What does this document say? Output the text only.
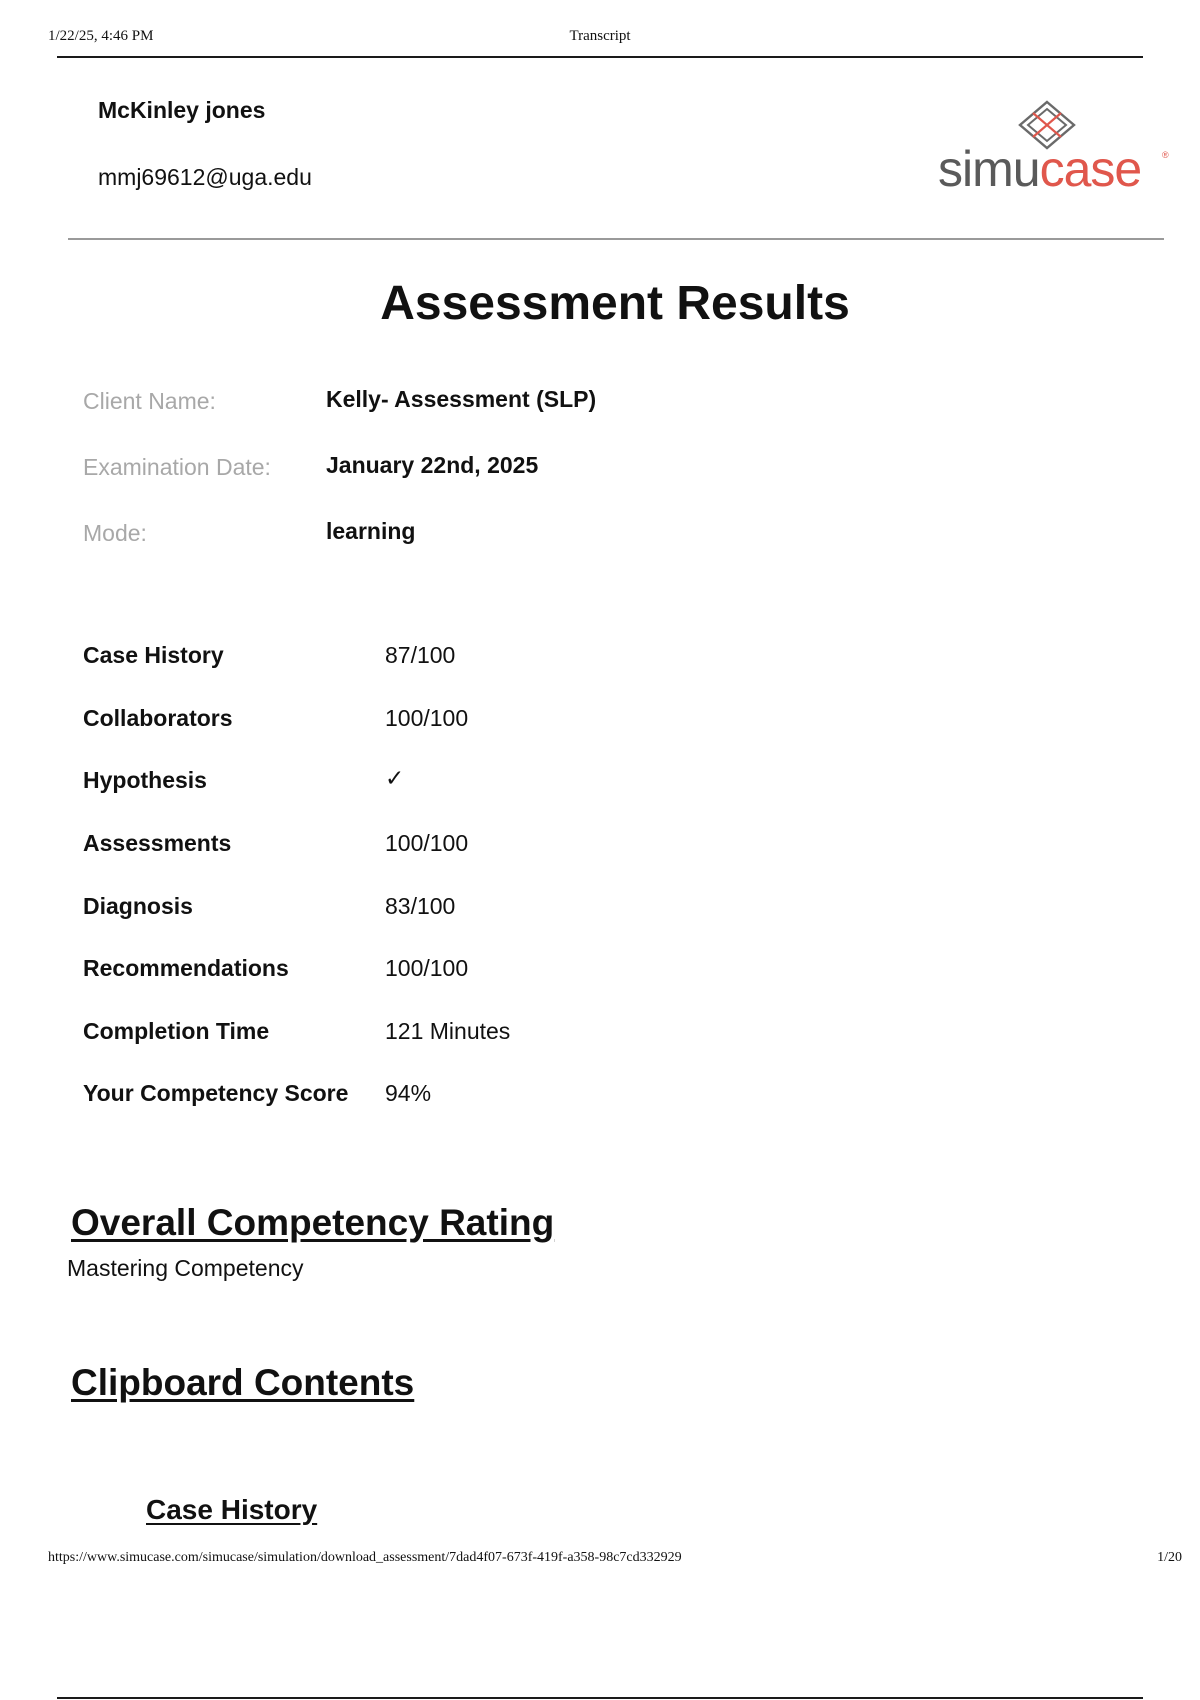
1/22/25, 4:46 PM	Transcript
McKinley jones
mmj69612@uga.edu	simucase ®
Assessment Results
Client Name:	Kelly- Assessment (SLP)
Examination Date: January 22nd, 2025
Mode:	learning
Case History	87/100
Collaborators	100/100
Hypothesis	✓
Assessments	100/100
Diagnosis	83/100
Recommendations	100/100
Completion Time	121 Minutes
Your Competency Score 94%
Overall Competency Rating
Mastering Competency
Clipboard Contents
Case History
https://www.simucase.com/simucase/simulation/download_assessment/7dad4f07-673f-419f-a358-98c7cd332929	1/20
